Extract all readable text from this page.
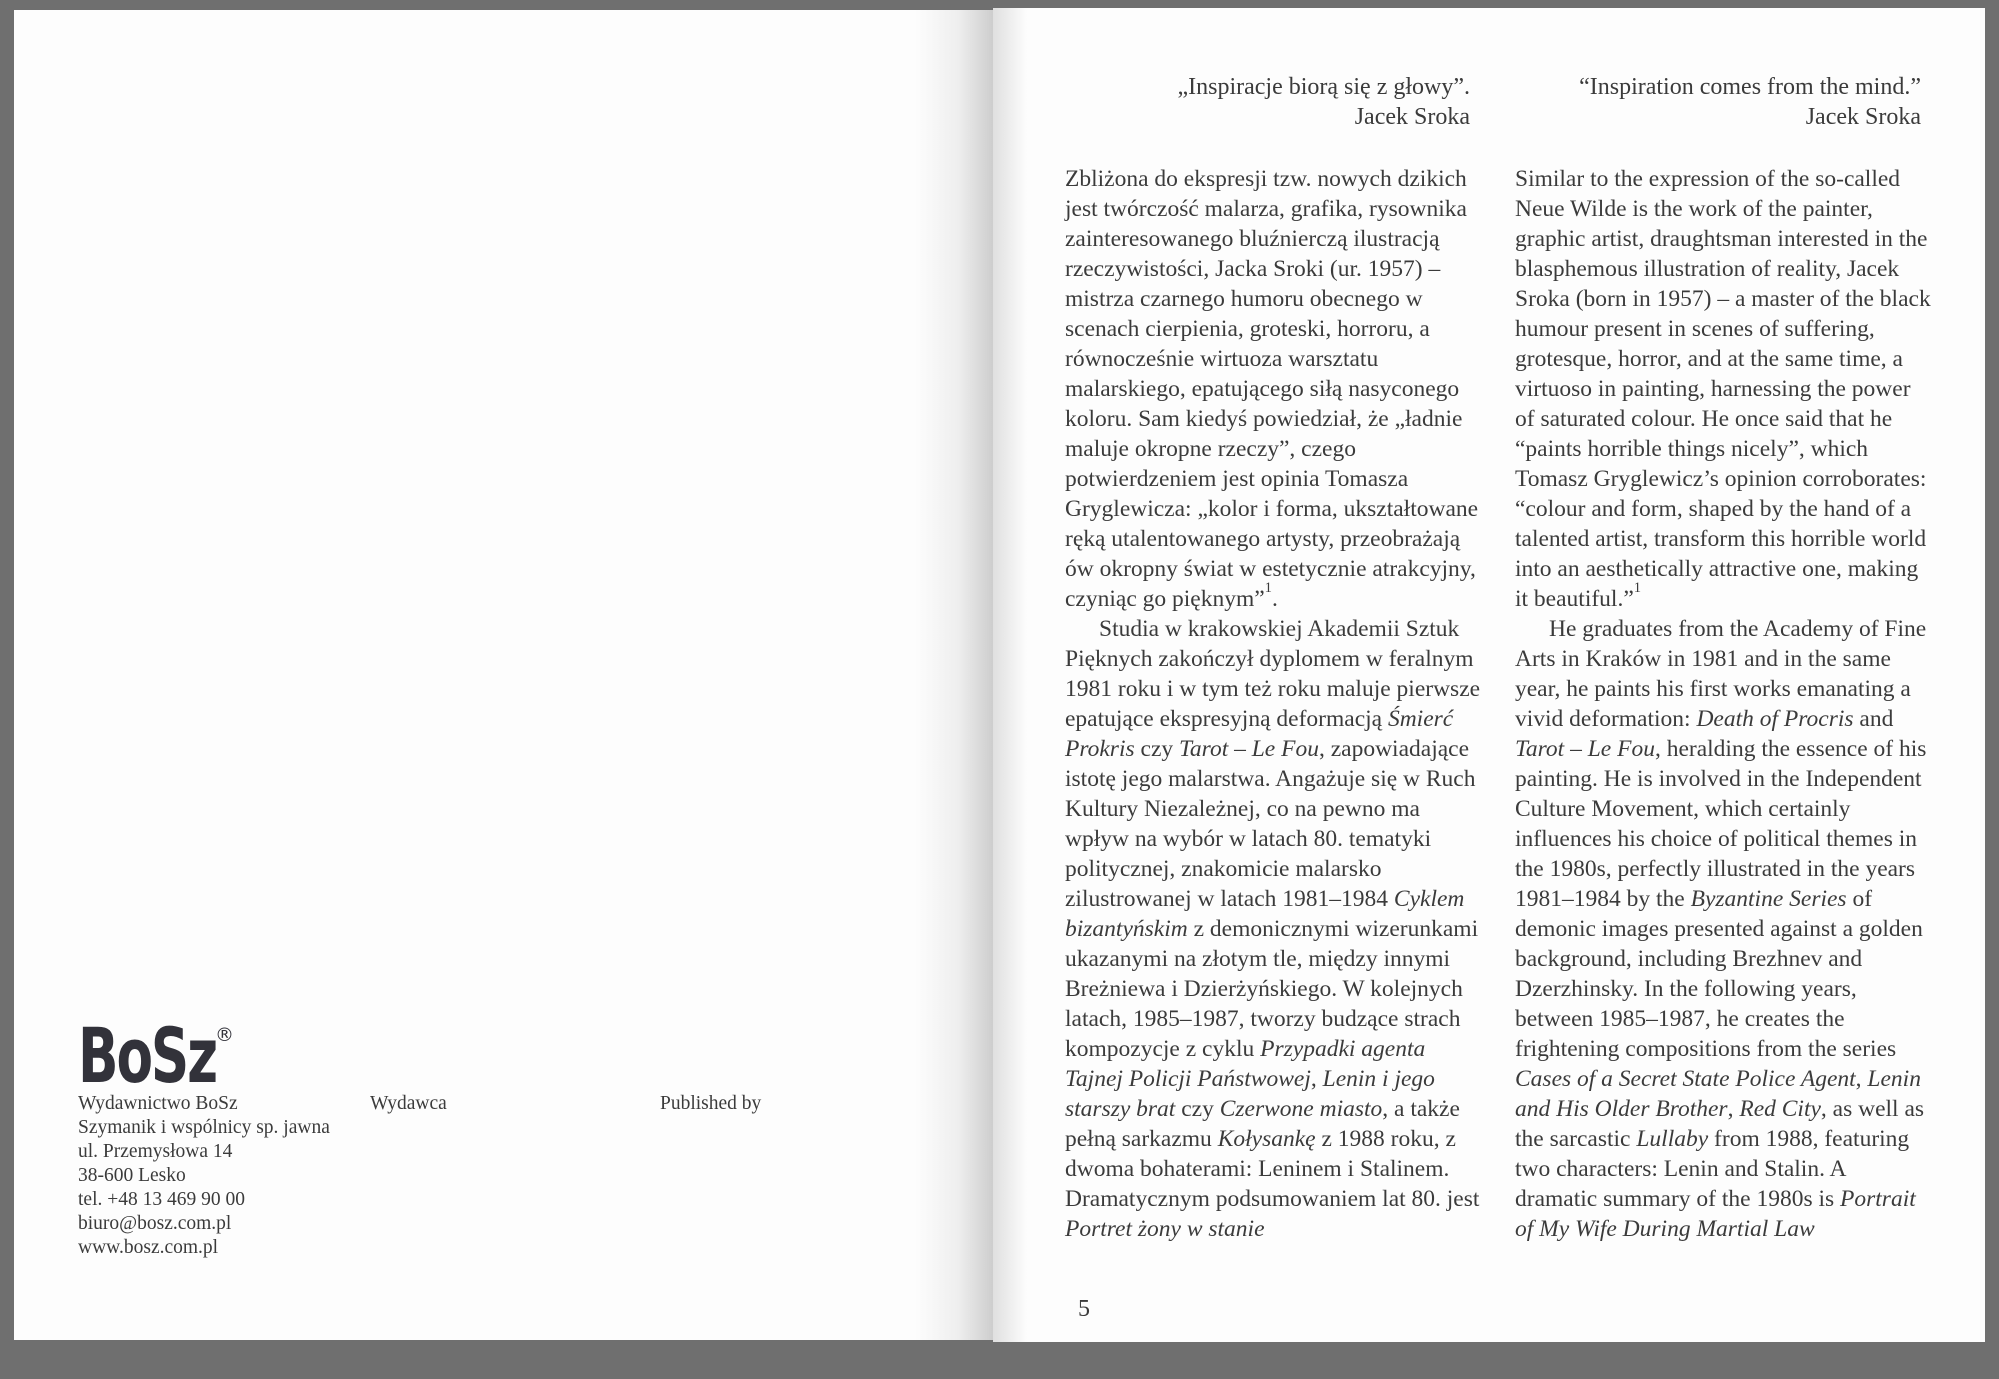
BoSz ®
Wydawnictwo BoSz
Szymanik i wspólnicy sp. jawna
ul. Przemysłowa 14
38-600 Lesko
tel. +48 13 469 90 00
biuro@bosz.com.pl
www.bosz.com.pl
Wydawca	Published by
„Inspiracje biorą się z głowy”.
Jacek Sroka
“Inspiration comes from the mind.”
Jacek Sroka

Zbliżona do ekspresji tzw. nowych dzikich jest twórczość malarza, grafika, rysownika zainteresowanego bluźnierczą ilustracją rzeczywistości, Jacka Sroki (ur. 1957) – mistrza czarnego humoru obecnego w scenach cierpienia, groteski, horroru, a równocześnie wirtuoza warsztatu malarskiego, epatującego siłą nasyconego koloru. Sam kiedyś powiedział, że „ładnie maluje okropne rzeczy”, czego potwierdzeniem jest opinia Tomasza Gryglewicza: „kolor i forma, ukształtowane ręką utalentowanego artysty, przeobrażają ów okropny świat w estetycznie atrakcyjny, czyniąc go pięknym”$^1$.

Studia w krakowskiej Akademii Sztuk Pięknych zakończył dyplomem w feralnym 1981 roku i w tym też roku maluje pierwsze epatujące ekspresyjną deformacją Śmierć Prokris czy Tarot – Le Fou, zapowiadające istotę jego malarstwa. Angażuje się w Ruch Kultury Niezależnej, co na pewno ma wpływ na wybór w latach 80. tematyki politycznej, znakomicie malarsko zilustrowanej w latach 1981–1984 Cyklem bizantyńskim z demonicznymi wizerunkami ukazanymi na złotym tle, między innymi Breżniewa i Dzierżyńskiego. W kolejnych latach, 1985–1987, tworzy budzące strach kompozycje z cyklu Przypadki agenta Tajnej Policji Państwowej, Lenin i jego starszy brat czy Czerwone miasto, a także pełną sarkazmu Kołysankę z 1988 roku, z dwoma bohaterami: Leninem i Stalinem. Dramatycznym podsumowaniem lat 80. jest Portret żony w stanie

Similar to the expression of the so-called Neue Wilde is the work of the painter, graphic artist, draughtsman interested in the blasphemous illustration of reality, Jacek Sroka (born in 1957) – a master of the black humour present in scenes of suffering, grotesque, horror, and at the same time, a virtuoso in painting, harnessing the power of saturated colour. He once said that he “paints horrible things nicely”, which Tomasz Gryglewicz’s opinion corroborates: “colour and form, shaped by the hand of a talented artist, transform this horrible world into an aesthetically attractive one, making it beautiful.”$^1$

He graduates from the Academy of Fine Arts in Kraków in 1981 and in the same year, he paints his first works emanating a vivid deformation: Death of Procris and Tarot – Le Fou, heralding the essence of his painting. He is involved in the Independent Culture Movement, which certainly influences his choice of political themes in the 1980s, perfectly illustrated in the years 1981–1984 by the Byzantine Series of demonic images presented against a golden background, including Brezhnev and Dzerzhinsky. In the following years, between 1985–1987, he creates the frightening compositions from the series Cases of a Secret State Police Agent, Lenin and His Older Brother, Red City, as well as the sarcastic Lullaby from 1988, featuring two characters: Lenin and Stalin. A dramatic summary of the 1980s is Portrait of My Wife During Martial Law

5
